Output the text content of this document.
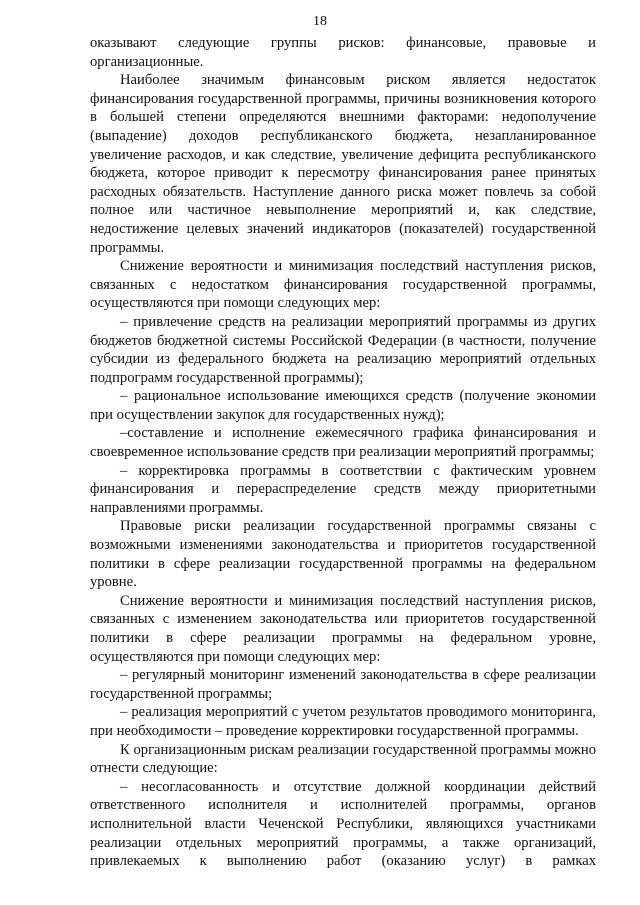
18

оказывают следующие группы рисков: финансовые, правовые и организационные.

Наиболее значимым финансовым риском является недостаток финансирования государственной программы, причины возникновения которого в большей степени определяются внешними факторами: недополучение (выпадение) доходов республиканского бюджета, незапланированное увеличение расходов, и как следствие, увеличение дефицита республиканского бюджета, которое приводит к пересмотру финансирования ранее принятых расходных обязательств. Наступление данного риска может повлечь за собой полное или частичное невыполнение мероприятий и, как следствие, недостижение целевых значений индикаторов (показателей) государственной программы.

Снижение вероятности и минимизация последствий наступления рисков, связанных с недостатком финансирования государственной программы, осуществляются при помощи следующих мер:

– привлечение средств на реализации мероприятий программы из других бюджетов бюджетной системы Российской Федерации (в частности, получение субсидии из федерального бюджета на реализацию мероприятий отдельных подпрограмм государственной программы);

– рациональное использование имеющихся средств (получение экономии при осуществлении закупок для государственных нужд);

–составление и исполнение ежемесячного графика финансирования и своевременное использование средств при реализации мероприятий программы;

– корректировка программы в соответствии с фактическим уровнем финансирования и перераспределение средств между приоритетными направлениями программы.

Правовые риски реализации государственной программы связаны с возможными изменениями законодательства и приоритетов государственной политики в сфере реализации государственной программы на федеральном уровне.

Снижение вероятности и минимизация последствий наступления рисков, связанных с изменением законодательства или приоритетов государственной политики в сфере реализации программы на федеральном уровне, осуществляются при помощи следующих мер:

– регулярный мониторинг изменений законодательства в сфере реализации государственной программы;

– реализация мероприятий с учетом результатов проводимого мониторинга, при необходимости – проведение корректировки государственной программы.

К организационным рискам реализации государственной программы можно отнести следующие:

– несогласованность и отсутствие должной координации действий ответственного исполнителя и исполнителей программы, органов исполнительной власти Чеченской Республики, являющихся участниками реализации отдельных мероприятий программы, а также организаций, привлекаемых к выполнению работ (оказанию услуг) в рамках
